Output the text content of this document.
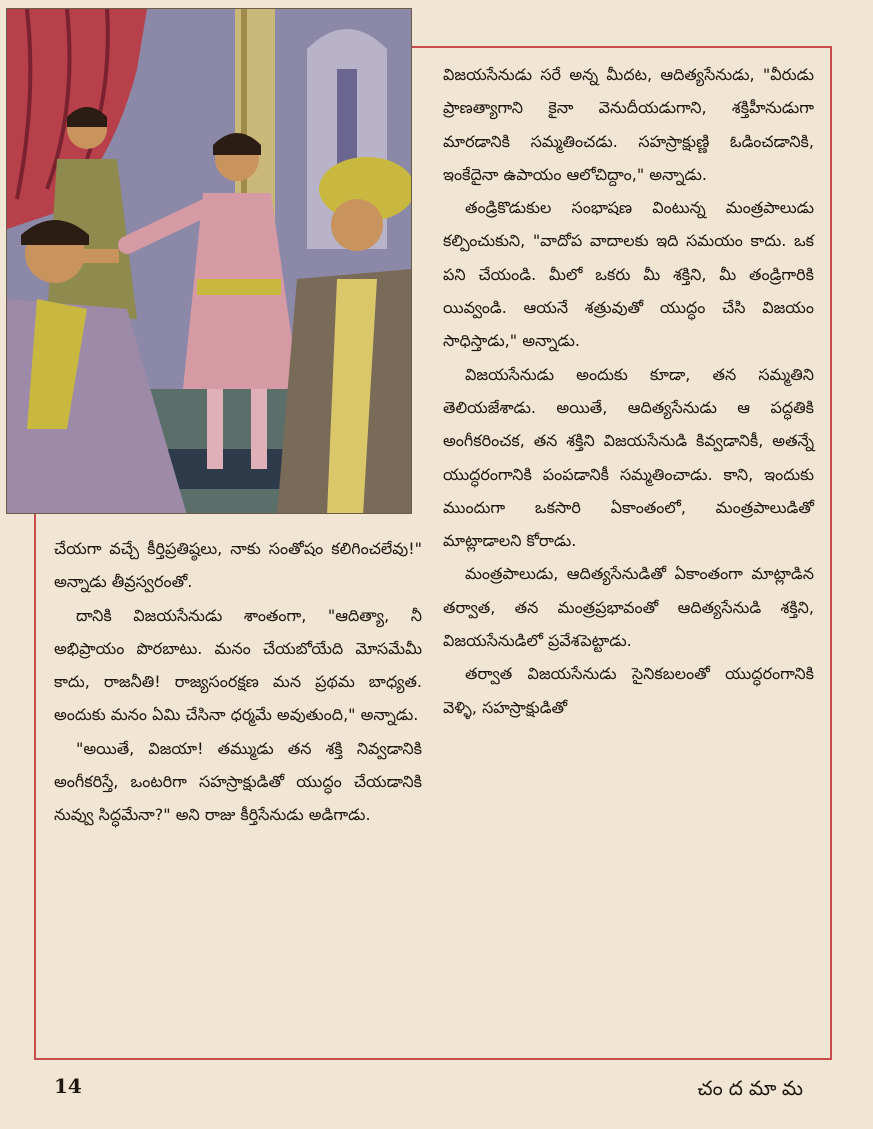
విజయసేనుడు సరే అన్న మీదట, ఆదిత్యసేనుడు, "వీరుడు ప్రాణత్యాగాని కైనా వెనుదీయడుగాని, శక్తిహీనుడుగా మారడానికి సమ్మతించడు. సహస్రాక్షుణ్ణి ఓడించడానికి, ఇంకేదైనా ఉపాయం ఆలోచిద్దాం," అన్నాడు.

తండ్రికొడుకుల సంభాషణ వింటున్న మంత్రపాలుడు కల్పించుకుని, "వాదోప వాదాలకు ఇది సమయం కాదు. ఒక పని చేయండి. మీలో ఒకరు మీ శక్తిని, మీ తండ్రిగారికి యివ్వండి. ఆయనే శత్రువుతో యుద్ధం చేసి విజయం సాధిస్తాడు," అన్నాడు.

విజయసేనుడు అందుకు కూడా, తన సమ్మతిని తెలియజేశాడు. అయితే, ఆదిత్యసేనుడు ఆ పద్ధతికి అంగీకరించక, తన శక్తిని విజయసేనుడి కివ్వడానికీ, అతన్నే యుద్ధరంగానికి పంపడానికీ సమ్మతించాడు. కాని, ఇందుకు ముందుగా ఒకసారి ఏకాంతంలో, మంత్రపాలుడితో మాట్లాడాలని కోరాడు.

మంత్రపాలుడు, ఆదిత్యసేనుడితో ఏకాంతంగా మాట్లాడిన తర్వాత, తన మంత్రప్రభావంతో ఆదిత్యసేనుడి శక్తిని, విజయసేనుడిలో ప్రవేశపెట్టాడు.

తర్వాత విజయసేనుడు సైనికబలంతో యుద్ధరంగానికి వెళ్ళి, సహస్రాక్షుడితో

చేయగా వచ్చే కీర్తిప్రతిష్ఠలు, నాకు సంతోషం కలిగించలేవు!" అన్నాడు తీవ్రస్వరంతో.

దానికి విజయసేనుడు శాంతంగా, "ఆదిత్యా, నీ అభిప్రాయం పొరబాటు. మనం చేయబోయేది మోసమేమీ కాదు, రాజనీతి! రాజ్యసంరక్షణ మన ప్రథమ బాధ్యత. అందుకు మనం ఏమి చేసినా ధర్మమే అవుతుంది," అన్నాడు.

"అయితే, విజయా! తమ్ముడు తన శక్తి నివ్వడానికి అంగీకరిస్తే, ఒంటరిగా సహస్రాక్షుడితో యుద్ధం చేయడానికి నువ్వు సిద్ధమేనా?" అని రాజు కీర్తిసేనుడు అడిగాడు.

14	చందమామ
